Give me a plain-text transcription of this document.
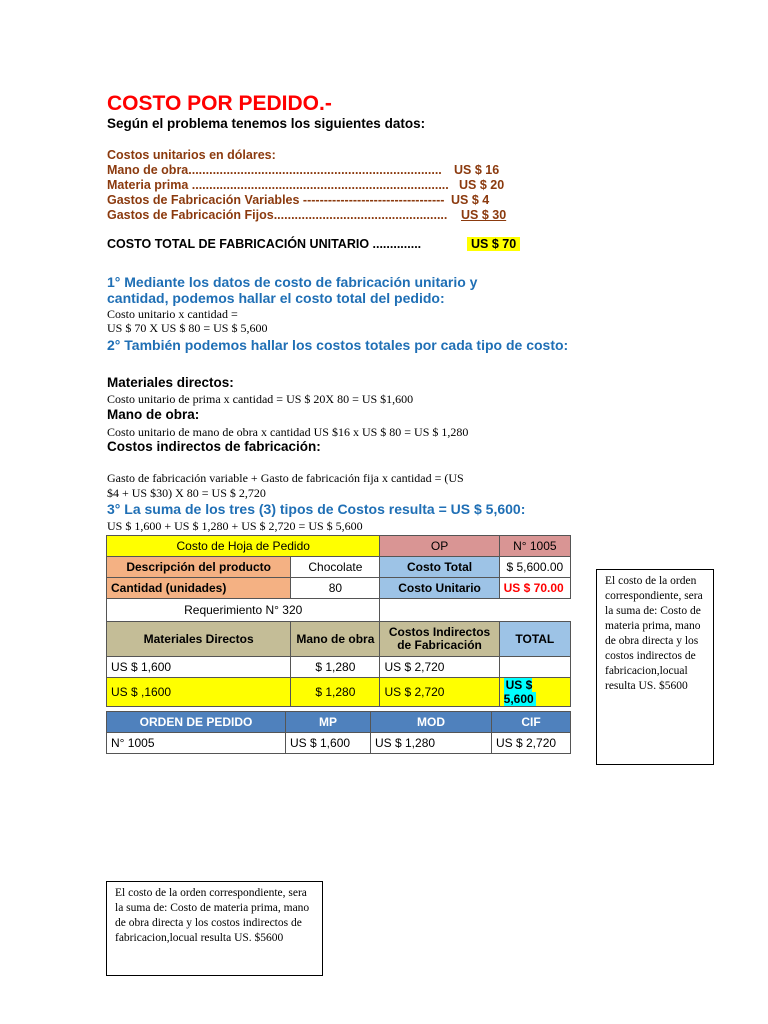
COSTO POR PEDIDO.-
Según el problema tenemos los siguientes datos:
Costos unitarios en dólares:
Mano de obra......................................................................... US $ 16
Materia prima .......................................................................... US $ 20
Gastos de Fabricación Variables ---------------------------------- US $ 4
Gastos de Fabricación Fijos.................................................. US $ 30
COSTO TOTAL DE FABRICACIÓN UNITARIO ..............	US $ 70
1° Mediante los datos de costo de fabricación unitario y
cantidad, podemos hallar el costo total del pedido:
Costo unitario x cantidad =
US $ 70 X US $ 80 = US $ 5,600
2° También podemos hallar los costos totales por cada tipo de costo:
Materiales directos:
Costo unitario de prima x cantidad = US $ 20X 80 = US $1,600
Mano de obra:
Costo unitario de mano de obra x cantidad US $16 x US $ 80 = US $ 1,280
Costos indirectos de fabricación:
Gasto de fabricación variable + Gasto de fabricación fija x cantidad = (US
$4 + US $30) X 80 = US $ 2,720
3° La suma de los tres (3) tipos de Costos resulta = US $ 5,600:
US $ 1,600 + US $ 1,280 + US $ 2,720 = US $ 5,600
Costo de Hoja de Pedido		OP	N° 1005
Descripción del producto	Chocolate	Costo Total	$ 5,600.00
Cantidad (unidades)	80	Costo Unitario	US $ 70.00
Requerimiento N° 320			
Materiales Directos	Mano de obra	Costos Indirectos de Fabricación	TOTAL
US $ 1,600	$ 1,280	US $ 2,720	
US $ ,1600	$ 1,280	US $ 2,720	US $ 5,600
ORDEN DE PEDIDO	MP	MOD	CIF
N° 1005	US $ 1,600	US $ 1,280	US $ 2,720
El costo de la orden correspondiente, sera la suma de: Costo de materia prima, mano de obra directa y los costos indirectos de fabricacion,locual resulta US. $5600
El costo de la orden correspondiente, sera la suma de: Costo de materia prima, mano de obra directa y los costos indirectos de fabricacion,locual resulta US. $5600
